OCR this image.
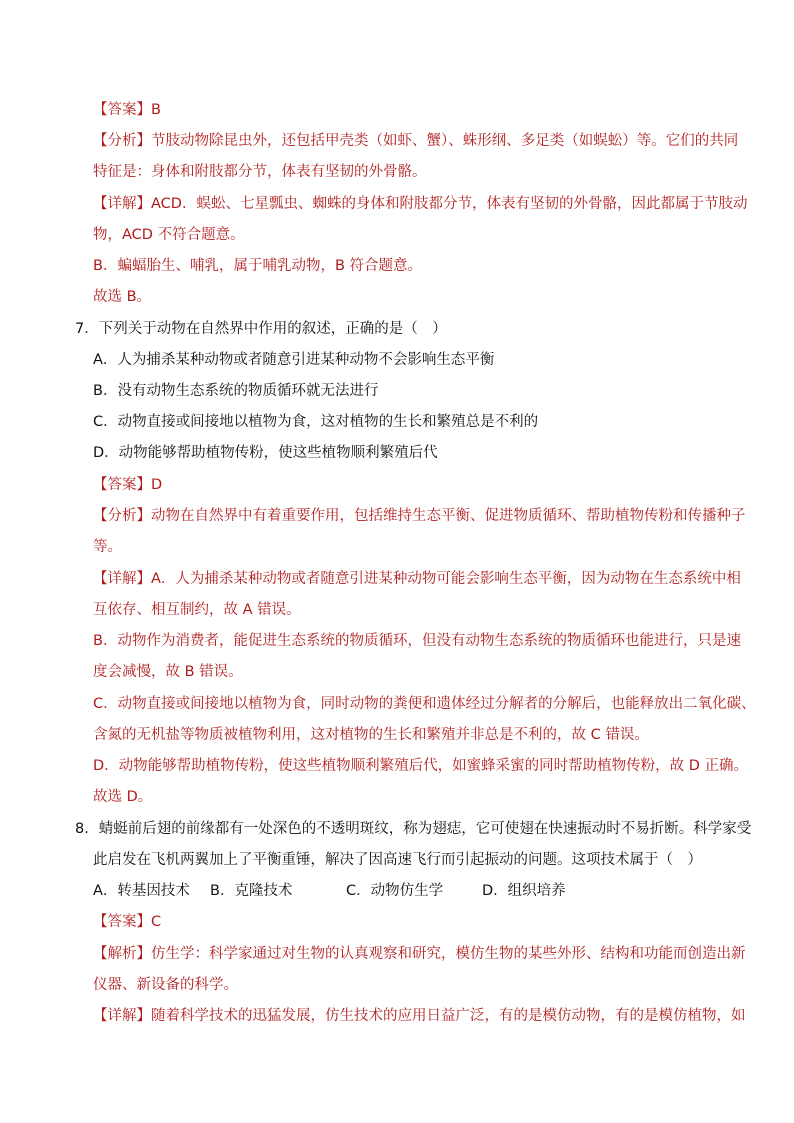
【答案】B
【分析】节肢动物除昆虫外，还包括甲壳类（如虾、蟹）、蛛形纲、多足类（如蜈蚣）等。它们的共同
特征是：身体和附肢都分节，体表有坚韧的外骨骼。
【详解】ACD．蜈蚣、七星瓢虫、蜘蛛的身体和附肢都分节，体表有坚韧的外骨骼，因此都属于节肢动
物，ACD 不符合题意。
B．蝙蝠胎生、哺乳，属于哺乳动物，B 符合题意。
故选 B。
7．下列关于动物在自然界中作用的叙述，正确的是（　）
A．人为捕杀某种动物或者随意引进某种动物不会影响生态平衡
B．没有动物生态系统的物质循环就无法进行
C．动物直接或间接地以植物为食，这对植物的生长和繁殖总是不利的
D．动物能够帮助植物传粉，使这些植物顺利繁殖后代
【答案】D
【分析】动物在自然界中有着重要作用，包括维持生态平衡、促进物质循环、帮助植物传粉和传播种子
等。
【详解】A．人为捕杀某种动物或者随意引进某种动物可能会影响生态平衡，因为动物在生态系统中相
互依存、相互制约，故 A 错误。
B．动物作为消费者，能促进生态系统的物质循环，但没有动物生态系统的物质循环也能进行，只是速
度会减慢，故 B 错误。
C．动物直接或间接地以植物为食，同时动物的粪便和遗体经过分解者的分解后，也能释放出二氧化碳、
含氮的无机盐等物质被植物利用，这对植物的生长和繁殖并非总是不利的，故 C 错误。
D．动物能够帮助植物传粉，使这些植物顺利繁殖后代，如蜜蜂采蜜的同时帮助植物传粉，故 D 正确。
故选 D。
8．蜻蜓前后翅的前缘都有一处深色的不透明斑纹，称为翅痣，它可使翅在快速振动时不易折断。科学家受
此启发在飞机两翼加上了平衡重锤，解决了因高速飞行而引起振动的问题。这项技术属于（　）
A．转基因技术 B．克隆技术	C．动物仿生学	D．组织培养
【答案】C
【解析】仿生学：科学家通过对生物的认真观察和研究，模仿生物的某些外形、结构和功能而创造出新
仪器、新设备的科学。
【详解】随着科学技术的迅猛发展，仿生技术的应用日益广泛，有的是模仿动物，有的是模仿植物，如
